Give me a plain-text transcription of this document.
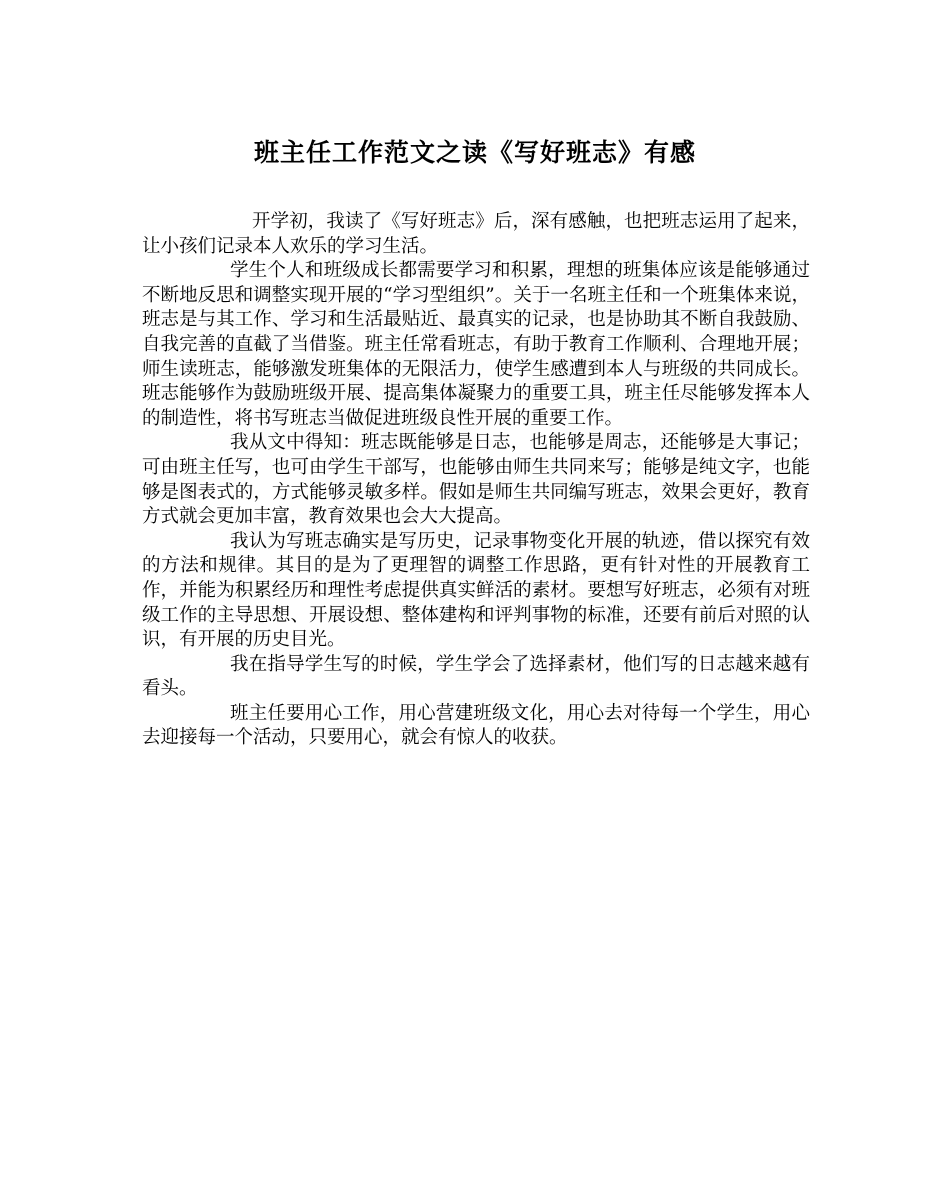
班主任工作范文之读《写好班志》有感

开学初，我读了《写好班志》后，深有感触，也把班志运用了起来，让小孩们记录本人欢乐的学习生活。

学生个人和班级成长都需要学习和积累，理想的班集体应该是能够通过不断地反思和调整实现开展的“学习型组织”。关于一名班主任和一个班集体来说，班志是与其工作、学习和生活最贴近、最真实的记录，也是协助其不断自我鼓励、自我完善的直截了当借鉴。班主任常看班志，有助于教育工作顺利、合理地开展；师生读班志，能够激发班集体的无限活力，使学生感遭到本人与班级的共同成长。班志能够作为鼓励班级开展、提高集体凝聚力的重要工具，班主任尽能够发挥本人的制造性，将书写班志当做促进班级良性开展的重要工作。

我从文中得知：班志既能够是日志，也能够是周志，还能够是大事记；可由班主任写，也可由学生干部写，也能够由师生共同来写；能够是纯文字，也能够是图表式的，方式能够灵敏多样。假如是师生共同编写班志，效果会更好，教育方式就会更加丰富，教育效果也会大大提高。

我认为写班志确实是写历史，记录事物变化开展的轨迹，借以探究有效的方法和规律。其目的是为了更理智的调整工作思路，更有针对性的开展教育工作，并能为积累经历和理性考虑提供真实鲜活的素材。要想写好班志，必须有对班级工作的主导思想、开展设想、整体建构和评判事物的标准，还要有前后对照的认识，有开展的历史目光。

我在指导学生写的时候，学生学会了选择素材，他们写的日志越来越有看头。

班主任要用心工作，用心营建班级文化，用心去对待每一个学生，用心去迎接每一个活动，只要用心，就会有惊人的收获。
